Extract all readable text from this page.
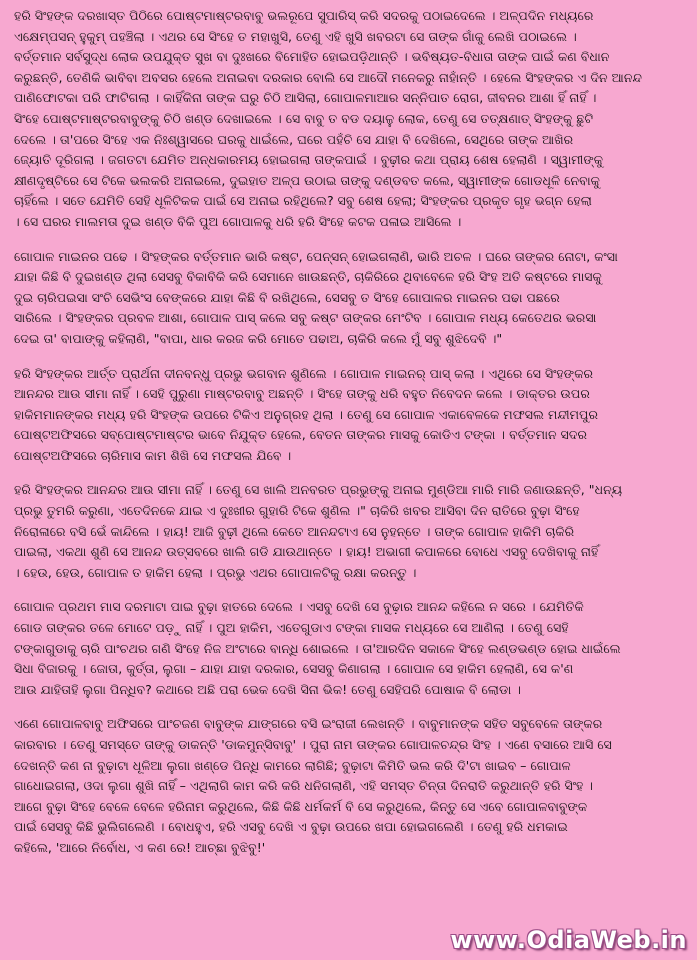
ହରି ସିଂହଙ୍କ ଦରଖାସ୍ତ ପିଠିରେ ପୋଷ୍ଟମାଷ୍ଟରବାବୁ ଭଲରୂପେ ସୁପାରିସ୍ କରି ସଦରକୁ ପଠାଇଦେଲେ । ଅଳ୍ପଦିନ ମଧ୍ୟରେ
ଏକ୍ଷେମ୍‌ପସନ୍ ହୁକୁମ୍ ପହଞ୍ଚିଲା । ଏଥର ସେ ସିଂହେ ତ ମହାଖୁସି, ତେଣୁ ଏହି ଖୁସି ଖବରଟା ସେ ତାଙ୍କ ଗାଁକୁ ଲେଖି ପଠାଇଲେ ।
ବର୍ତ୍ତମାନ ସର୍ବସୁଦ୍ଧ ଲୋକ ଉପଯୁକ୍ତ ସୁଖ ବା ଦୁଃଖରେ ବିମୋହିତ ହୋଇପଡ଼ିଥାନ୍ତି । ଭବିଷ୍ୟତ-ବିଧାତା ତାଙ୍କ ପାଇଁ କଣ ବିଧାନ
କରୁଛନ୍ତି, ତେଣିକି ଭାବିବା ଅବସର ହେଲେ ଅନାଇବା ଦରକାର ବୋଲି ସେ ଆଦୌ ମନେକରୁ ନାହାଁନ୍ତି । ହେଲେ ସିଂହଙ୍କର ଏ ଦିନ ଆନନ୍ଦ
ପାଣିଫୋଟକା ପରି ଫାଟିଗଲା । କାହିଁକିନା ତାଙ୍କ ଘରୁ ଚିଠି ଆସିଲା, ଗୋପାଳମାଆର ସନ୍ନିପାତ ରୋଗ, ଜୀବନର ଆଶା ହିଁ ନାହିଁ ।
ସିଂହେ ପୋଷ୍ଟମାଷ୍ଟରବାବୁଙ୍କୁ ଚିଠି ଖଣ୍ଡ ଦେଖାଇଲେ । ସେ ବାବୁ ତ ବଡ ଦୟାଳୁ ଲୋକ, ତେଣୁ ସେ ତତ୍କ୍ଷଣାତ୍ ସିଂହଙ୍କୁ ଛୁଟି
ଦେଲେ । ତା'ପରେ ସିଂହେ ଏକ ନିଃଶ୍ୱାସରେ ଘରକୁ ଧାଇଁଲେ, ଘରେ ପହଁଚି ସେ ଯାହା ବି ଦେଖିଲେ, ସେଥିରେ ତାଙ୍କ ଆଖିର
ଜ୍ୟୋତି ଦୂରିଗଲା । ଜଗତଟା ଯେମିତ ଅନ୍ଧକାରମୟ ହୋଇଗଲା ତାଙ୍କପାଇଁ । ବୁଢ଼ୀର କଥା ପ୍ରାୟ ଶେଷ ହେଲାଣି । ସ୍ୱାମୀଙ୍କୁ
କ୍ଷୀଣଦୃଷ୍ଟିରେ ସେ ଟିକେ ଭଲକରି ଅନାଇଲେ, ଦୁଇହାତ ଅଳ୍ପ ଉଠାଇ ତାଙ୍କୁ ଦଣ୍ଡବତ କଲେ, ସ୍ୱାମୀଙ୍କ ଗୋଡଧୂଳି ନେବାକୁ
ଚାହିଁଲେ । ସତେ ଯେମିତି ସେହି ଧୂଳିଟିକକ ପାଇଁ ସେ ଅନାଇ ରହିଥିଲେ? ସବୁ ଶେଷ ହେଲା; ସିଂହଙ୍କର ପ୍ରକୃତ ଗୃହ ଭଗ୍ନ ହେଲା
। ସେ ଘରର ମାଲମତା ଦୁଇ ଖଣ୍ଡ ବିକି ପୁଅ ଗୋପାଳକୁ ଧରି ହରି ସିଂହେ କଟକ ପଳାଇ ଆସିଲେ ।
ଗୋପାଳ ମାଇନର ପଢେ । ସିଂହଙ୍କର ବର୍ତ୍ତମାନ ଭାରି କଷ୍ଟ, ପେନ୍‌ସନ୍ ହୋଇଗଲାଣି, ଭାରି ଅଚଳ । ଘରେ ତାଙ୍କର ନୋଟା, କଂସା
ଯାହା କିଛି ବି ଦୁଇଖଣ୍ଡ ଥିଲା ସେସବୁ ବିକାବିକି କରି ସେମାନେ ଖାଉଛନ୍ତି, ଚାକିରିରେ ଥିବାବେଳେ ହରି ସିଂହ ଅତି କଷ୍ଟରେ ମାସକୁ
ଦୁଇ ଚାରିପଇସା ସଂଚି ସେଭିଂସ ବେଙ୍କରେ ଯାହା କିଛି ବି ରଖିଥିଲେ, ସେସବୁ ତ ସିଂହେ ଗୋପାଳର ମାଇନର ପଢା ପଛରେ
ସାରିଲେ । ସିଂହଙ୍କର ପ୍ରବଳ ଆଶା, ଗୋପାଳ ପାସ୍ କଲେ ସବୁ କଷ୍ଟ ତାଙ୍କର ମେଂଟିବ । ଗୋପାଳ ମଧ୍ୟ କେତେଥର ଭରସା
ଦେଇ ତା' ବାପାଙ୍କୁ କହିଲାଣି, "ବାପା, ଧାର କରଜ କରି ମୋତେ ପଢାଅ, ଚାକିରି କଲେ ମୁଁ ସବୁ ଶୁଝିଦେବି ।"
ହରି ସିଂହଙ୍କର ଆର୍ତ୍ତ ପ୍ରାର୍ଥନା ଦୀନବନ୍ଧୁ ପ୍ରଭୁ ଭଗବାନ ଶୁଣିଲେ । ଗୋପାଳ ମାଇନର୍ ପାସ୍ କଲା । ଏଥିରେ ସେ ସିଂହଙ୍କର
ଆନନ୍ଦର ଆଉ ସୀମା ନାହିଁ । ସେହି ପୁରୁଣା ମାଷ୍ଟରବାବୁ ଅଛନ୍ତି । ସିଂହେ ତାଙ୍କୁ ଧରି ବହୁତ ନିବେଦନ କଲେ । ଡାକ୍ତର ଉପର
ହାକିମମାନଙ୍କର ମଧ୍ୟ ହରି ସିଂହଙ୍କ ଉପରେ ଟିକିଏ ଅନୁଗ୍ରହ ଥିଲା । ତେଣୁ ସେ ଗୋପାଳ ଏକାବେଳକେ ମଫସଲ ମନ୍ଦୀମପୁର
ପୋଷ୍ଟଅଫିସରେ ସବ୍‌ପୋଷ୍ଟମାଷ୍ଟର ଭାବେ ନିଯୁକ୍ତ ହେଲେ, ବେତନ ତାଙ୍କର ମାସକୁ କୋଡିଏ ଟଙ୍କା । ବର୍ତ୍ତମାନ ସଦର
ପୋଷ୍ଟଅଫିସରେ ଚାରିମାସ କାମ ଶିଖି ସେ ମଫସଲ ଯିବେ ।
ହରି ସିଂହଙ୍କର ଆନନ୍ଦର ଆଉ ସୀମା ନାହିଁ । ତେଣୁ ସେ ଖାଲି ଅନବରତ ପ୍ରଭୁଙ୍କୁ ଅନାଇ ମୁଣ୍ଡିଆ ମାରି ମାରି ଜଣାଉଛନ୍ତି, "ଧନ୍ୟ
ପ୍ରଭୁ ତୁମରି କରୁଣା, ଏତେଦିନକେ ଯାଇ ଏ ଦୁଃଖୀର ଗୁହାରି ଟିକେ ଶୁଣିଲ ।" ଚାକିରି ଖବର ଆସିବା ଦିନ ରାତିରେ ବୁଢ଼ା ସିଂହେ
ନିରୋଳାରେ ବସି ଭେଁ କାନ୍ଦିଲେ । ହାୟ! ଆଜି ବୁଢ଼ୀ ଥିଲେ କେତେ ଆନନ୍ଦଟାଏ ସେ ନୁହନ୍ତେ । ତାଙ୍କ ଗୋପାଳ ହାକିମି ଚାକିରି
ପାଇଲା, ଏକଥା ଶୁଣି ସେ ଆନନ୍ଦ ଉତ୍ସବରେ ଖାଲି ଗଡି ଯାଉଥାନ୍ତେ । ହାୟ! ଅଭାଗୀ କପାଳରେ ବୋଧେ ଏସବୁ ଦେଖିବାକୁ ନାହିଁ
। ହେଉ, ହେଉ, ଗୋପାଳ ତ ହାକିମ ହେଲା । ପ୍ରଭୁ ଏଥର ଗୋପାଳଟିକୁ ରକ୍ଷା କରନ୍ତୁ ।
ଗୋପାଳ ପ୍ରଥମ ମାସ ଦରମାଟା ପାଇ ବୁଢ଼ା ହାତରେ ଦେଲେ । ଏସବୁ ଦେଖି ସେ ବୁଢ଼ାର ଆନନ୍ଦ କହିଲେ ନ ସରେ । ଯେମିତିକି
ଗୋଡ ତାଙ୍କର ତଳେ ମୋଟେ ପଡ଼ୁ ନାହିଁ । ପୁଅ ହାକିମ, ଏତେଗୁଡାଏ ଟଙ୍କା ମାସକ ମଧ୍ୟରେ ସେ ଆଣିଲା । ତେଣୁ ସେହି
ଟଙ୍କାଗୁଡାକୁ ଚାରି ପାଂଚଥର ଗଣି ସିଂହେ ନିଜ ଅଂଟାରେ ବାନ୍ଧି ଶୋଇଲେ । ତା'ଆରଦିନ ସକାଳେ ସିଂହେ ଲଣ୍ଡଭଣ୍ଡ ହୋଇ ଧାଇଁଲେ
ସିଧା ବିଜାରକୁ । ଜୋତା, କୁର୍ତ୍ତା, ଲୁଗା – ଯାହା ଯାହା ଦରକାର, ସେସବୁ କିଣାଗଲା । ଗୋପାଳ ସେ ହାକିମ ହେଲାଣି, ସେ କ'ଣ
ଆଉ ଯାହିତାହି ଲୁଗା ପିନ୍ଧିବ? କଥାରେ ଅଛି ପରା ଭେକ ଦେଖି ସିନା ଭିକ! ତେଣୁ ସେହିପରି ପୋଷାକ ବି ଲୋଡା ।
ଏଣେ ଗୋପାଳବାବୁ ଅଫିସରେ ପାଂଚଜଣ ବାବୁଙ୍କ ଯାଙ୍ଗରେ ବସି ଇଂରାଜୀ ଲେଖନ୍ତି । ବାବୁମାନଙ୍କ ସହିତ ସବୁବେଳେ ତାଙ୍କର
କାରବାର । ତେଣୁ ସମସ୍ତେ ତାଙ୍କୁ ଡାକନ୍ତି 'ଡାକମୁନ୍ସିବାବୁ' । ପୁରା ନାମ ତାଙ୍କର ଗୋପାଳଚନ୍ଦ୍ର ସିଂହ । ଏଣେ ବସାରେ ଆସି ସେ
ଦେଖନ୍ତି କଣ ନା ବୁଢ଼ାଟା ଧୂଳିଆ ଲୁଗା ଖଣ୍ଡେ ପିନ୍ଧି କାମରେ ଲାଗିଛି; ବୁଢ଼ାଟା କିମିତି ଭଲ କରି ଦି'ଟା ଖାଇବ – ଗୋପାଳ
ଗାଧୋଇଗଲା, ଓଦା ଲୁଗା ଶୁଖି ନାହିଁ – ଏଥିଲାଗି କାମ କରି କରି ଧନିଗଲାଣି, ଏହି ସମସ୍ତ ଚିନ୍ତା ଦିନରାତି କରୁଥାନ୍ତି ହରି ସିଂହ ।
ଆଗେ ବୁଢ଼ା ସିଂହେ ବେଳେ ବେଳେ ହରିନାମ କରୁଥିଲେ, କିଛି କିଛି ଧର୍ମକର୍ମ ବି ସେ କରୁଥିଲେ, କିନ୍ତୁ ସେ ଏବେ ଗୋପାଳବାବୁଙ୍କ
ପାଇଁ ସେସବୁ କିଛି ଭୁଲିଗଲେଣି । ବୋଧହୁଏ, ହରି ଏସବୁ ଦେଖି ଏ ବୁଢ଼ା ଉପରେ ଖପା ହୋଇଗଲେଣି । ତେଣୁ ହରି ଧମକାଇ
କହିଲେ, 'ଆରେ ନିର୍ବୋଧ, ଏ କଣ ରେ! ଆଚ୍ଛା ବୁଝିବୁ!'
www.OdiaWeb.in
